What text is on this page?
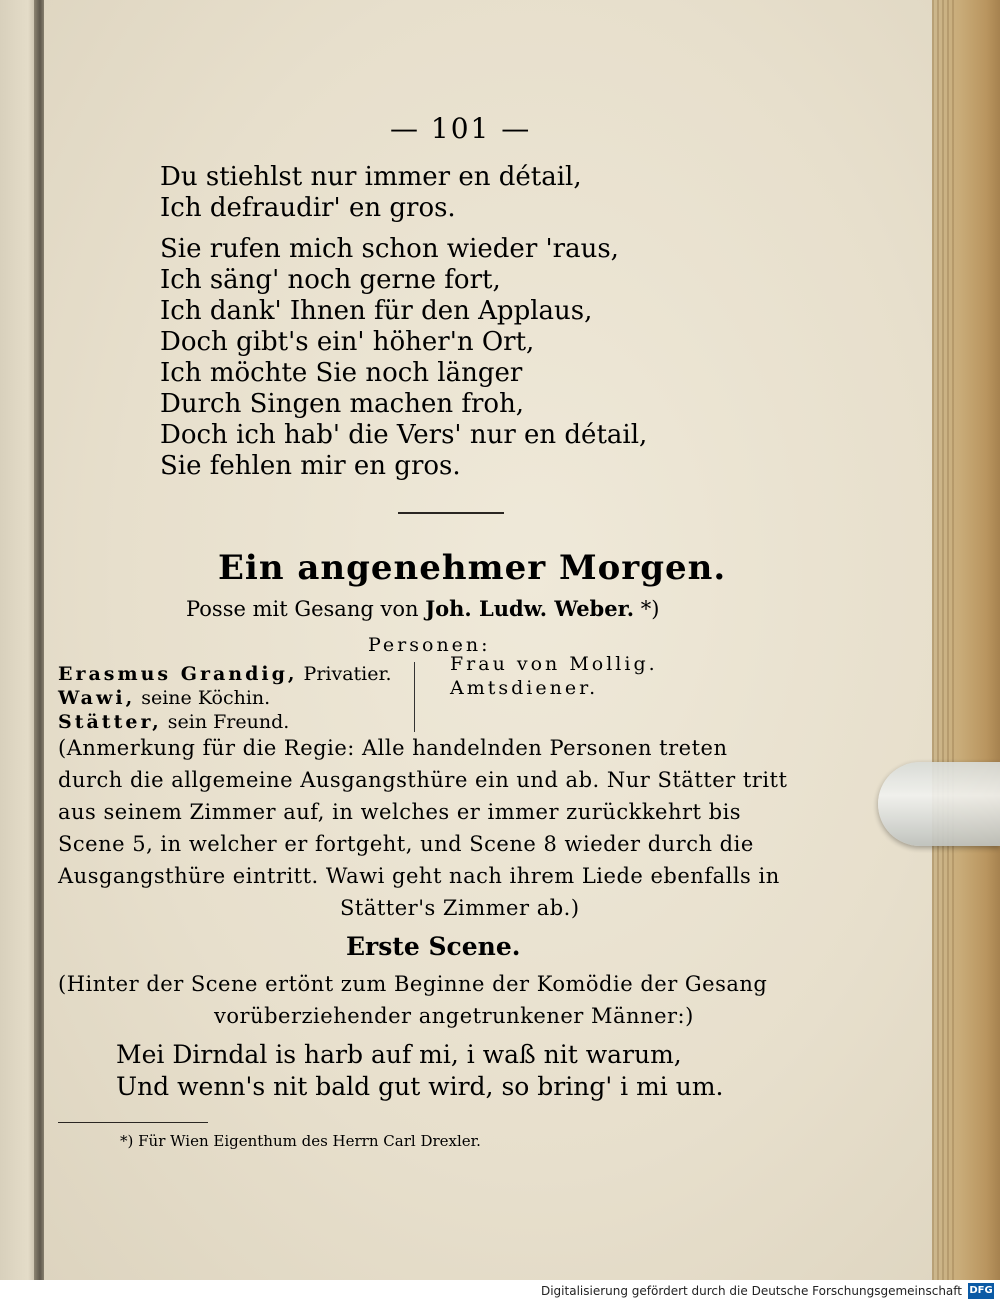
— 101 —
Du stiehlst nur immer en détail,
Ich defraudir' en gros.
Sie rufen mich schon wieder 'raus,
Ich säng' noch gerne fort,
Ich dank' Ihnen für den Applaus,
Doch gibt's ein' höher'n Ort,
Ich möchte Sie noch länger
Durch Singen machen froh,
Doch ich hab' die Vers' nur en détail,
Sie fehlen mir en gros.
Ein angenehmer Morgen.
Posse mit Gesang von Joh. Ludw. Weber. *)
Personen:
Erasmus Grandig, Privatier.
Wawi, seine Köchin.
Stätter, sein Freund.
Frau von Mollig.
Amtsdiener.
(Anmerkung für die Regie: Alle handelnden Personen treten
durch die allgemeine Ausgangsthüre ein und ab. Nur Stätter tritt
aus seinem Zimmer auf, in welches er immer zurückkehrt bis
Scene 5, in welcher er fortgeht, und Scene 8 wieder durch die
Ausgangsthüre eintritt. Wawi geht nach ihrem Liede ebenfalls in
Stätter's Zimmer ab.)
Erste Scene.
(Hinter der Scene ertönt zum Beginne der Komödie der Gesang
vorüberziehender angetrunkener Männer:)
Mei Dirndal is harb auf mi, i waß nit warum,
Und wenn's nit bald gut wird, so bring' i mi um.
*) Für Wien Eigenthum des Herrn Carl Drexler.
Digitalisierung gefördert durch die Deutsche Forschungsgemeinschaft DFG
